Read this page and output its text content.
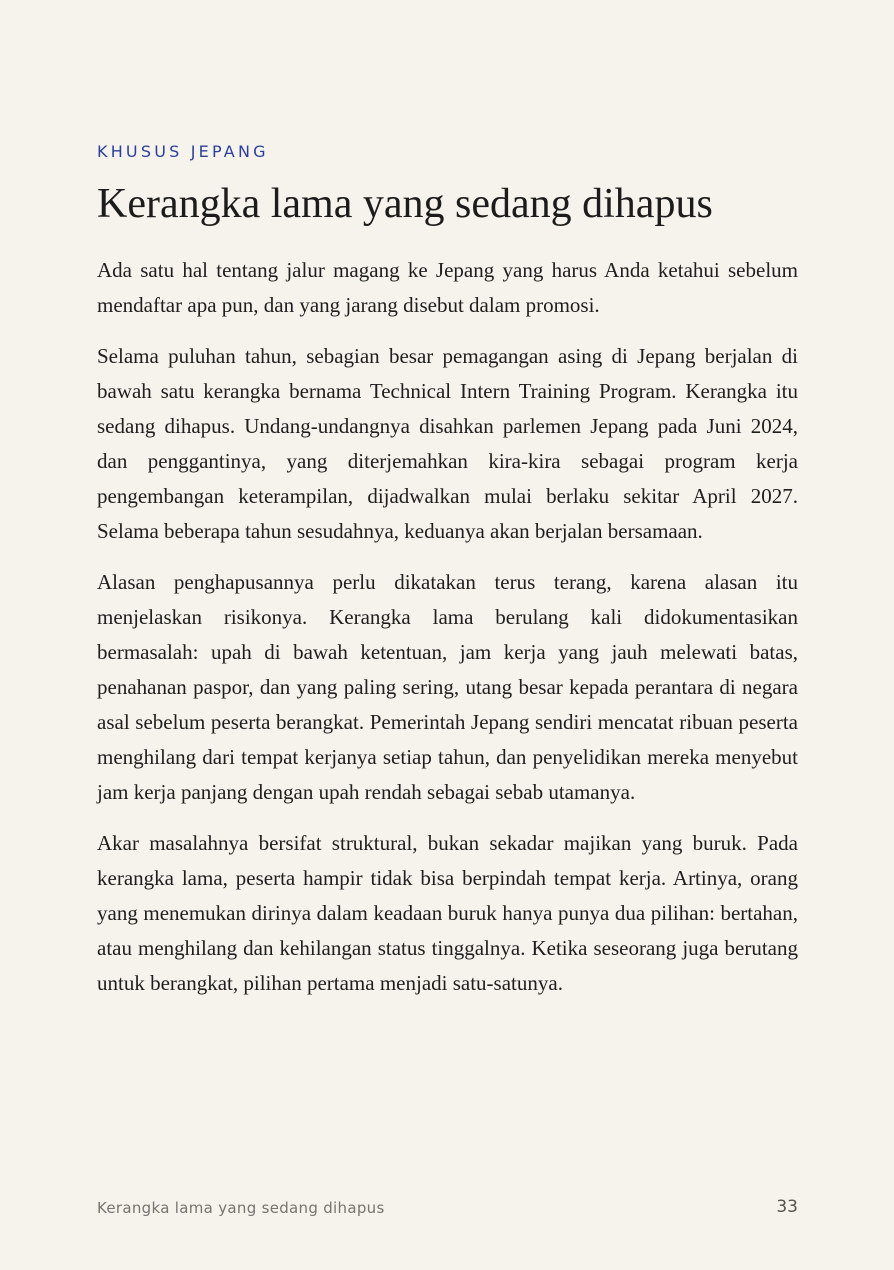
KHUSUS JEPANG

Kerangka lama yang sedang dihapus

Ada satu hal tentang jalur magang ke Jepang yang harus Anda ketahui sebelum mendaftar apa pun, dan yang jarang disebut dalam promosi.

Selama puluhan tahun, sebagian besar pemagangan asing di Jepang berjalan di bawah satu kerangka bernama Technical Intern Training Program. Kerangka itu sedang dihapus. Undang-undangnya disahkan parlemen Jepang pada Juni 2024, dan penggantinya, yang diterjemahkan kira-kira sebagai program kerja pengembangan keterampilan, dijadwalkan mulai berlaku sekitar April 2027. Selama beberapa tahun sesudahnya, keduanya akan berjalan bersamaan.

Alasan penghapusannya perlu dikatakan terus terang, karena alasan itu menjelaskan risikonya. Kerangka lama berulang kali didokumentasikan bermasalah: upah di bawah ketentuan, jam kerja yang jauh melewati batas, penahanan paspor, dan yang paling sering, utang besar kepada perantara di negara asal sebelum peserta berangkat. Pemerintah Jepang sendiri mencatat ribuan peserta menghilang dari tempat kerjanya setiap tahun, dan penyelidikan mereka menyebut jam kerja panjang dengan upah rendah sebagai sebab utamanya.

Akar masalahnya bersifat struktural, bukan sekadar majikan yang buruk. Pada kerangka lama, peserta hampir tidak bisa berpindah tempat kerja. Artinya, orang yang menemukan dirinya dalam keadaan buruk hanya punya dua pilihan: bertahan, atau menghilang dan kehilangan status tinggalnya. Ketika seseorang juga berutang untuk berangkat, pilihan pertama menjadi satu-satunya.

Kerangka lama yang sedang dihapus	33
